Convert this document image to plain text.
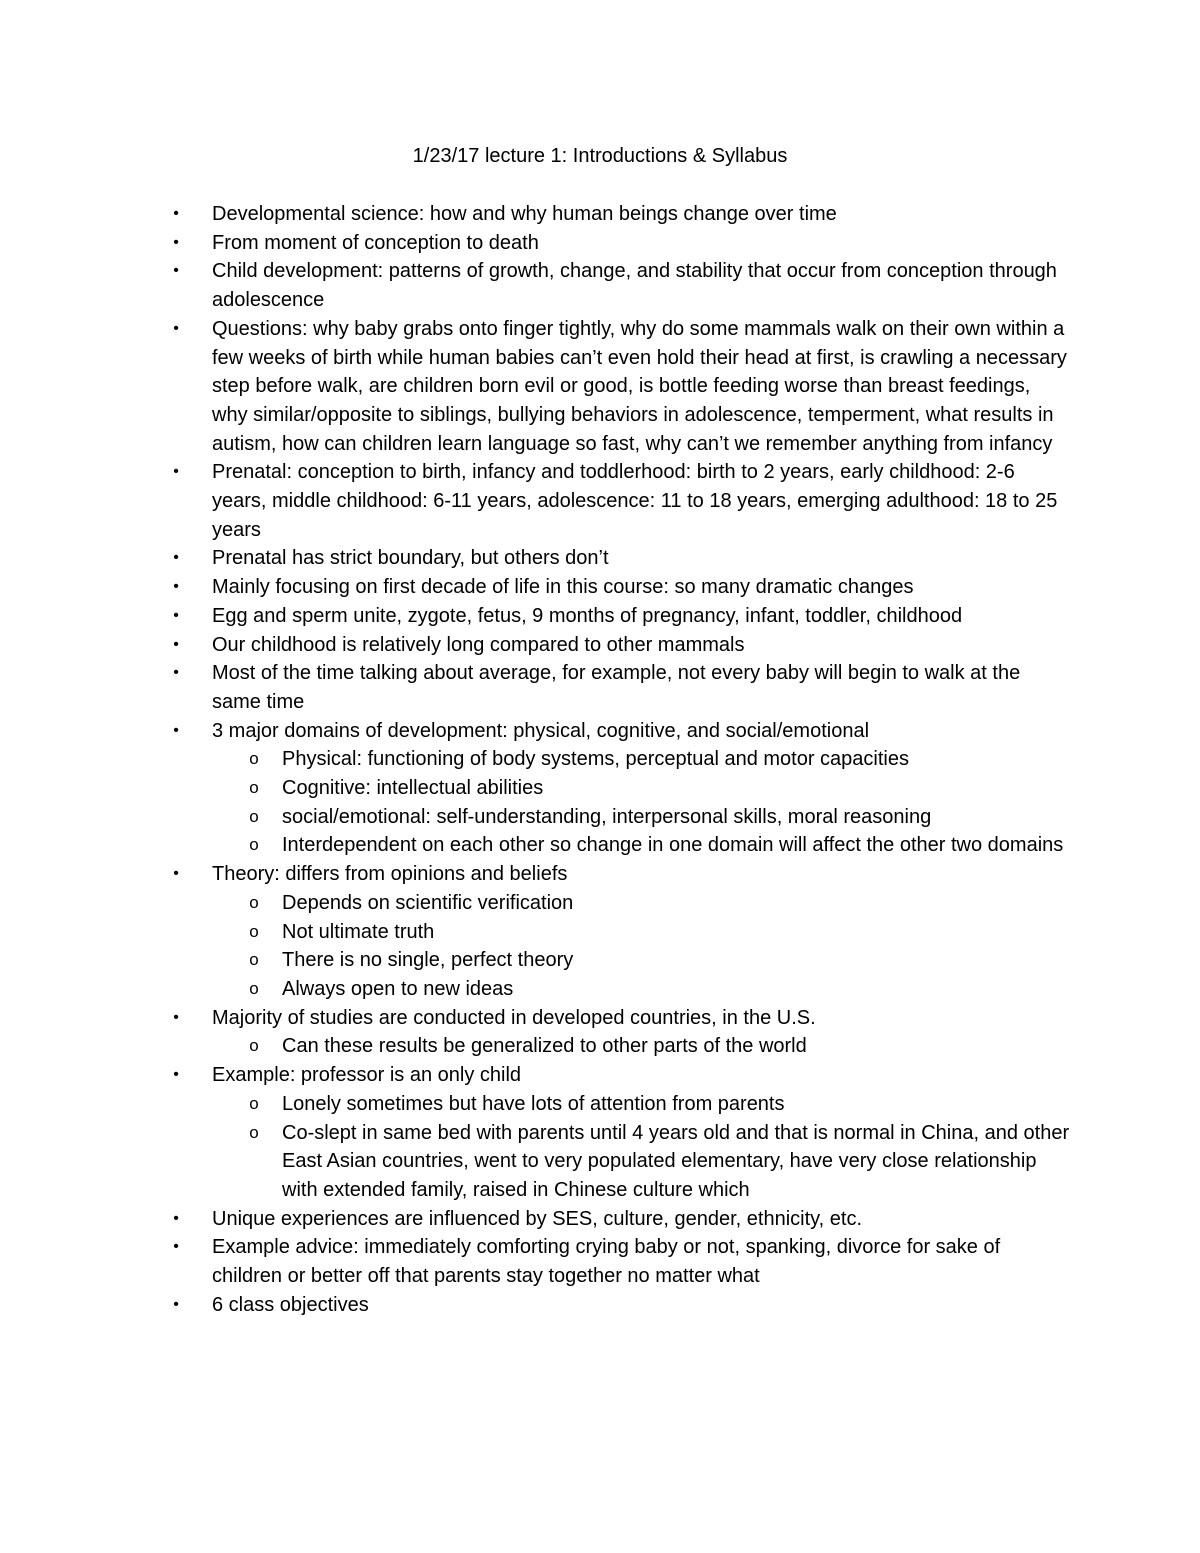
1/23/17 lecture 1: Introductions & Syllabus
• Developmental science: how and why human beings change over time
• From moment of conception to death
• Child development: patterns of growth, change, and stability that occur from conception through adolescence
• Questions: why baby grabs onto finger tightly, why do some mammals walk on their own within a few weeks of birth while human babies can’t even hold their head at first, is crawling a necessary step before walk, are children born evil or good, is bottle feeding worse than breast feedings, why similar/opposite to siblings, bullying behaviors in adolescence, temperment, what results in autism, how can children learn language so fast, why can’t we remember anything from infancy
• Prenatal: conception to birth, infancy and toddlerhood: birth to 2 years, early childhood: 2-6 years, middle childhood: 6-11 years, adolescence: 11 to 18 years, emerging adulthood: 18 to 25 years
• Prenatal has strict boundary, but others don’t
• Mainly focusing on first decade of life in this course: so many dramatic changes
• Egg and sperm unite, zygote, fetus, 9 months of pregnancy, infant, toddler, childhood
• Our childhood is relatively long compared to other mammals
• Most of the time talking about average, for example, not every baby will begin to walk at the same time
• 3 major domains of development: physical, cognitive, and social/emotional
o Physical: functioning of body systems, perceptual and motor capacities
o Cognitive: intellectual abilities
o social/emotional: self-understanding, interpersonal skills, moral reasoning
o Interdependent on each other so change in one domain will affect the other two domains
• Theory: differs from opinions and beliefs
o Depends on scientific verification
o Not ultimate truth
o There is no single, perfect theory
o Always open to new ideas
• Majority of studies are conducted in developed countries, in the U.S.
o Can these results be generalized to other parts of the world
• Example: professor is an only child
o Lonely sometimes but have lots of attention from parents
o Co-slept in same bed with parents until 4 years old and that is normal in China, and other East Asian countries, went to very populated elementary, have very close relationship with extended family, raised in Chinese culture which
• Unique experiences are influenced by SES, culture, gender, ethnicity, etc.
• Example advice: immediately comforting crying baby or not, spanking, divorce for sake of children or better off that parents stay together no matter what
• 6 class objectives
